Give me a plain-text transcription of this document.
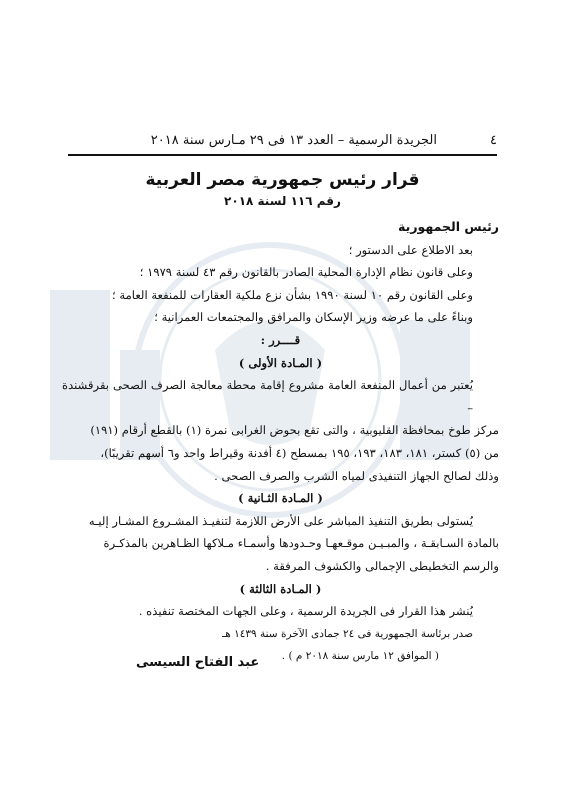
الجريدة الرسمية – العدد ١٣ فى ٢٩ مـارس سنة ٢٠١٨	٤
قرار رئيس جمهورية مصر العربية
رقم ١١٦ لسنة ٢٠١٨

رئيس الجمهورية

بعد الاطلاع على الدستور ؛

وعلى قانون نظام الإدارة المحلية الصادر بالقانون رقم ٤٣ لسنة ١٩٧٩ ؛

وعلى القانون رقم ١٠ لسنة ١٩٩٠ بشأن نزع ملكية العقارات للمنفعة العامة ؛

وبناءً على ما عرضه وزير الإسكان والمرافق والمجتمعات العمرانية ؛

قــــرر :

( المـادة الأولى )

يُعتبر من أعمال المنفعة العامة مشروع إقامة محطة معالجة الصرف الصحى بقرقشندة –

مركز طوخ بمحافظة القليوبية ، والتى تقع بحوض الغرابى نمرة (١) بالقطع أرقام (١٩١)

من (٥) كستر، ١٨١، ١٨٣، ١٩٣، ١٩٥ بمسطح (٤ أفدنة وقيراط واحد و٦ أسهم تقريبًا)،

وذلك لصالح الجهاز التنفيذى لمياه الشرب والصرف الصحى .

( المـادة الثـانية )

يُستولى بطريق التنفيذ المباشر على الأرض اللازمة لتنفيـذ المشـروع المشـار إليـه

بالمادة السـابقـة ، والمبـيـن موقـعهـا وحـدودها وأسمـاء مـلاكها الظـاهرين بالمذكـرة

والرسم التخطيطى الإجمالى والكشوف المرفقة .

( المـادة الثالثة )

يُنشر هذا القرار فى الجريدة الرسمية ، وعلى الجهات المختصة تنفيذه .

صدر برئاسة الجمهورية فى ٢٤ جمادى الآخرة سنة ١٤٣٩ هـ

( الموافق ١٢ مارس سنة ٢٠١٨ م ) .

عبد الفتاح السيسى
